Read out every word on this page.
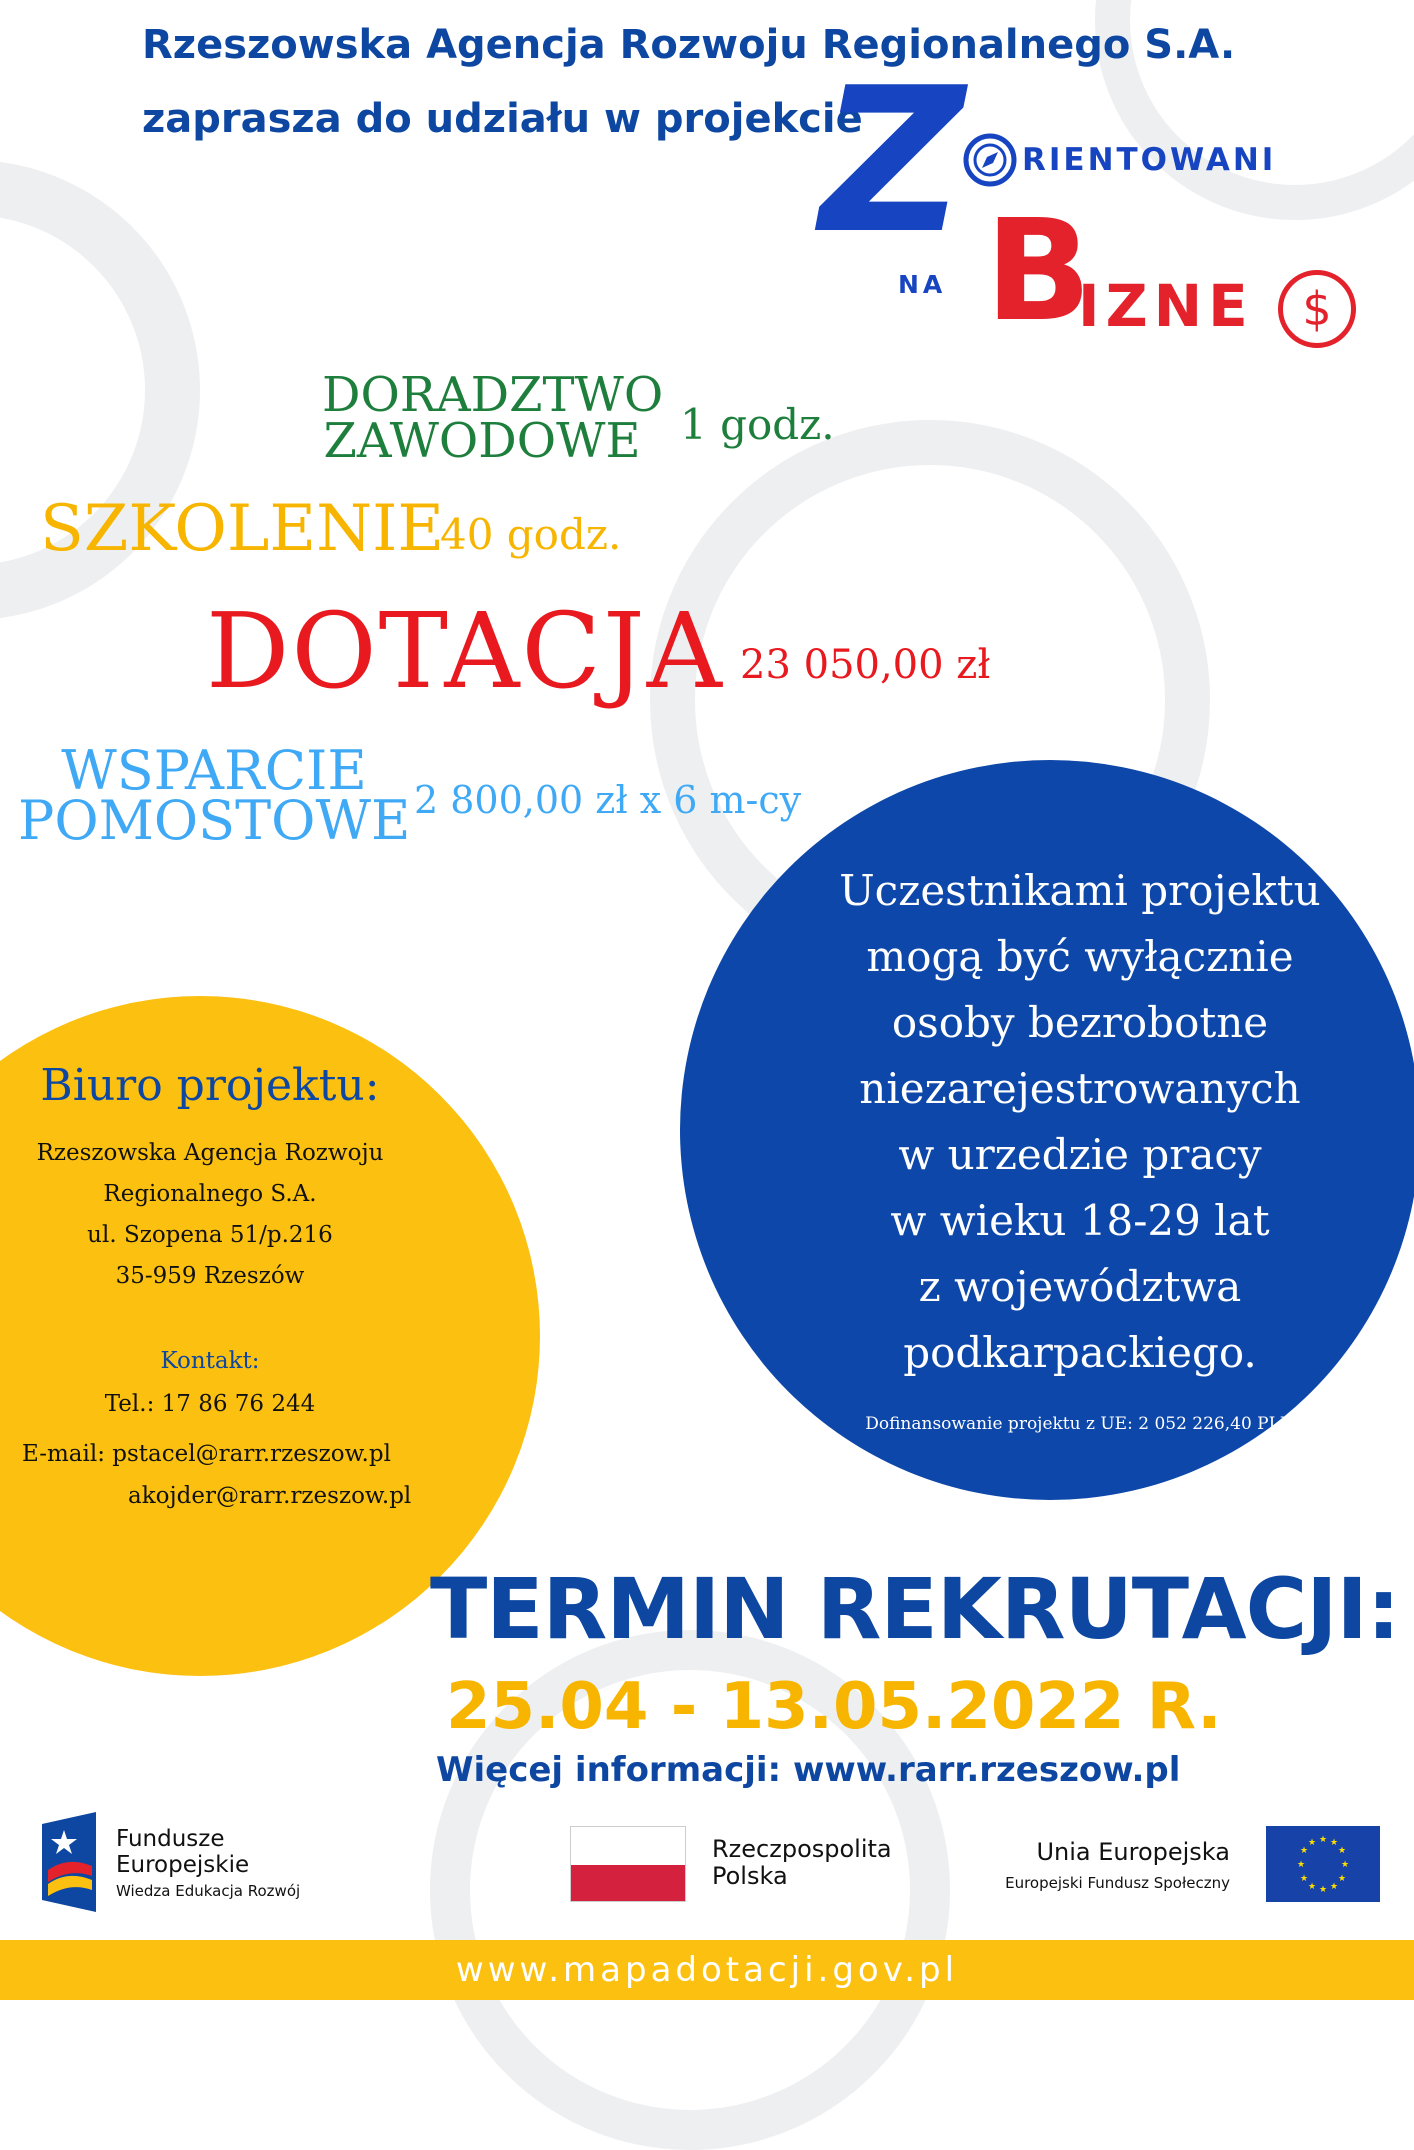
Rzeszowska Agencja Rozwoju Regionalnego S.A.
zaprasza do udziału w projekcie
Z RIENTOWANI
NA B
IZNE	$
DORADZTWO
ZAWODOWE 1 godz.
SZKOLENIE
40 godz.
DOTACJA 23 050,00 zł
WSPARCIE
POMOSTOWE 2 800,00 zł x 6 m-cy
Biuro projektu:
Rzeszowska Agencja Rozwoju
Regionalnego S.A.
ul. Szopena 51/p.216
35-959 Rzeszów
Kontakt:
Tel.: 17 86 76 244
E-mail: pstacel@rarr.rzeszow.pl
akojder@rarr.rzeszow.pl
Uczestnikami projektu
mogą być wyłącznie
osoby bezrobotne
niezarejestrowanych
w urzedzie pracy
w wieku 18-29 lat
z województwa
podkarpackiego.
Dofinansowanie projektu z UE: 2 052 226,40 PLN
TERMIN REKRUTACJI:
25.04 - 13.05.2022 R.
Więcej informacji: www.rarr.rzeszow.pl
Fundusze
Europejskie
Wiedza Edukacja Rozwój
Rzeczpospolita
Polska
Unia Europejska
Europejski Fundusz Społeczny
★ ★
★
★
★
★
★
★
★
★
★
★
www.mapadotacji.gov.pl
